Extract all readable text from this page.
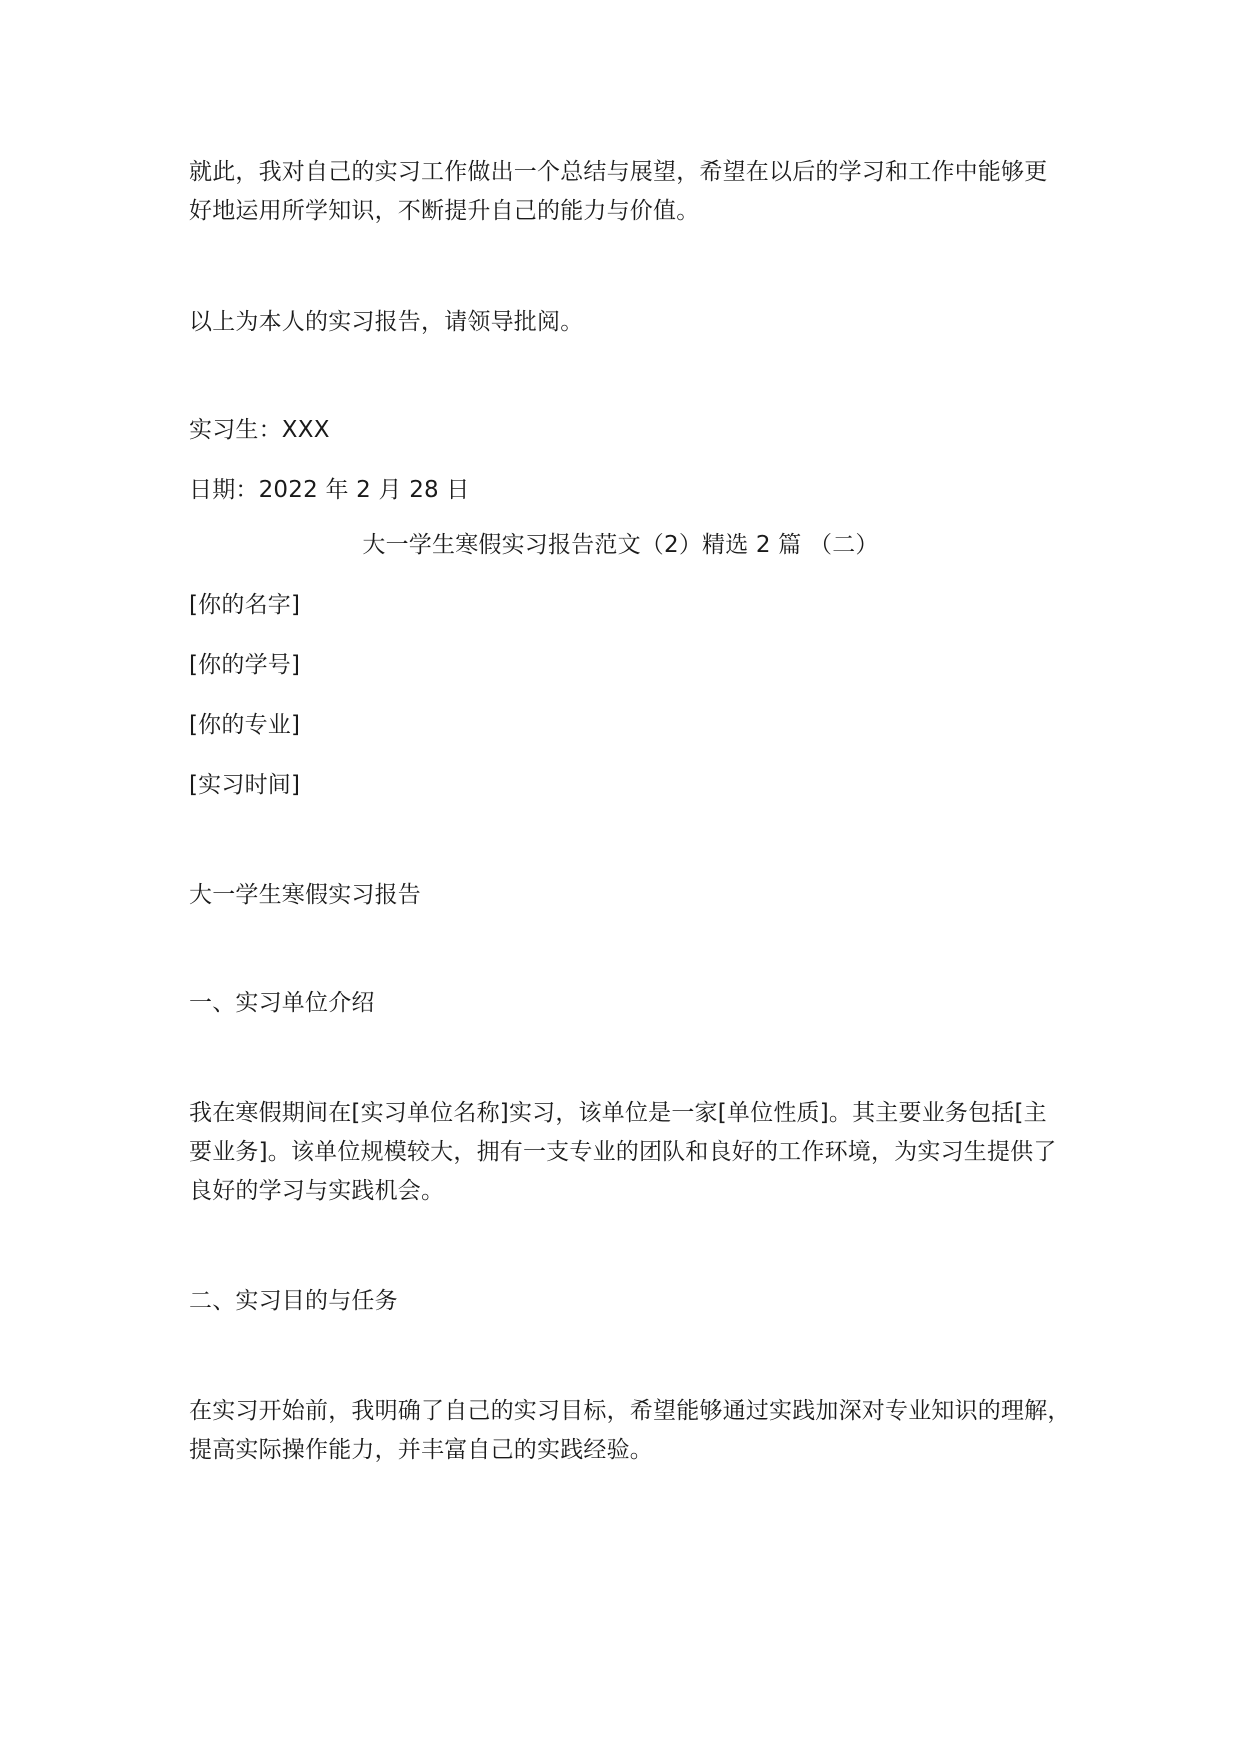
就此，我对自己的实习工作做出一个总结与展望，希望在以后的学习和工作中能够更
好地运用所学知识，不断提升自己的能力与价值。
以上为本人的实习报告，请领导批阅。
实习生：XXX
日期：2022 年 2 月 28 日
大一学生寒假实习报告范文（2）精选 2 篇 （二）
[你的名字]
[你的学号]
[你的专业]
[实习时间]
大一学生寒假实习报告
一、实习单位介绍
我在寒假期间在[实习单位名称]实习，该单位是一家[单位性质]。其主要业务包括[主
要业务]。该单位规模较大，拥有一支专业的团队和良好的工作环境，为实习生提供了
良好的学习与实践机会。
二、实习目的与任务
在实习开始前，我明确了自己的实习目标，希望能够通过实践加深对专业知识的理解，
提高实际操作能力，并丰富自己的实践经验。
